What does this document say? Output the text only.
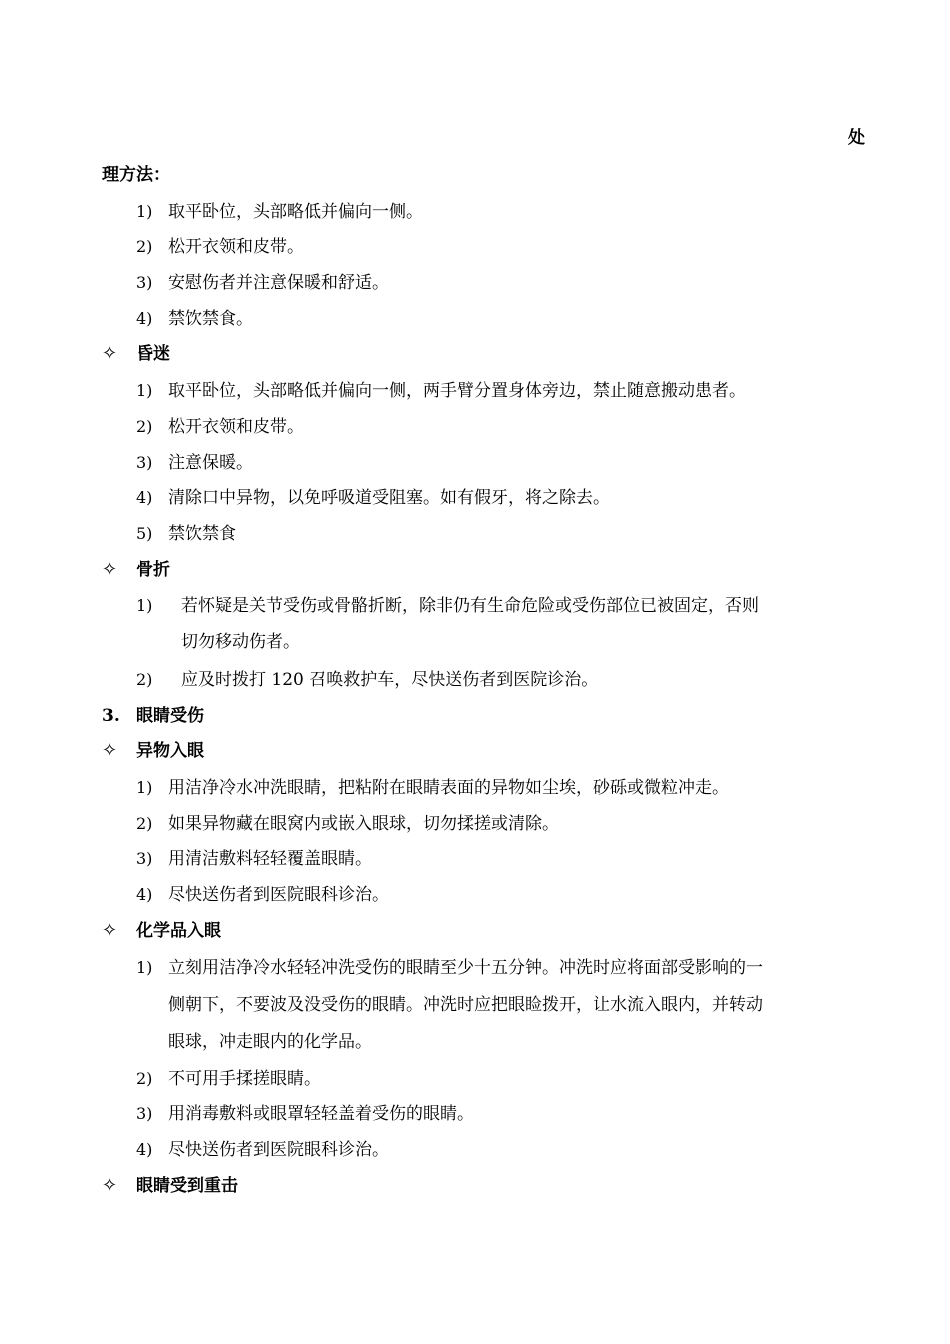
处
理方法：
1) 取平卧位，头部略低并偏向一侧。
2) 松开衣领和皮带。
3) 安慰伤者并注意保暖和舒适。
4) 禁饮禁食。
✧ 昏迷
1) 取平卧位，头部略低并偏向一侧，两手臂分置身体旁边，禁止随意搬动患者。
2) 松开衣领和皮带。
3) 注意保暖。
4) 清除口中异物，以免呼吸道受阻塞。如有假牙，将之除去。
5) 禁饮禁食
✧ 骨折
1) 若怀疑是关节受伤或骨骼折断，除非仍有生命危险或受伤部位已被固定，否则
切勿移动伤者。
2) 应及时拨打 120 召唤救护车，尽快送伤者到医院诊治。
3. 眼睛受伤
✧ 异物入眼
1) 用洁净冷水冲洗眼睛，把粘附在眼睛表面的异物如尘埃，砂砾或微粒冲走。
2) 如果异物藏在眼窝内或嵌入眼球，切勿揉搓或清除。
3) 用清洁敷料轻轻覆盖眼睛。
4) 尽快送伤者到医院眼科诊治。
✧ 化学品入眼
1) 立刻用洁净冷水轻轻冲洗受伤的眼睛至少十五分钟。冲洗时应将面部受影响的一
侧朝下，不要波及没受伤的眼睛。冲洗时应把眼睑拨开，让水流入眼内，并转动
眼球，冲走眼内的化学品。
2) 不可用手揉搓眼睛。
3) 用消毒敷料或眼罩轻轻盖着受伤的眼睛。
4) 尽快送伤者到医院眼科诊治。
✧ 眼睛受到重击
